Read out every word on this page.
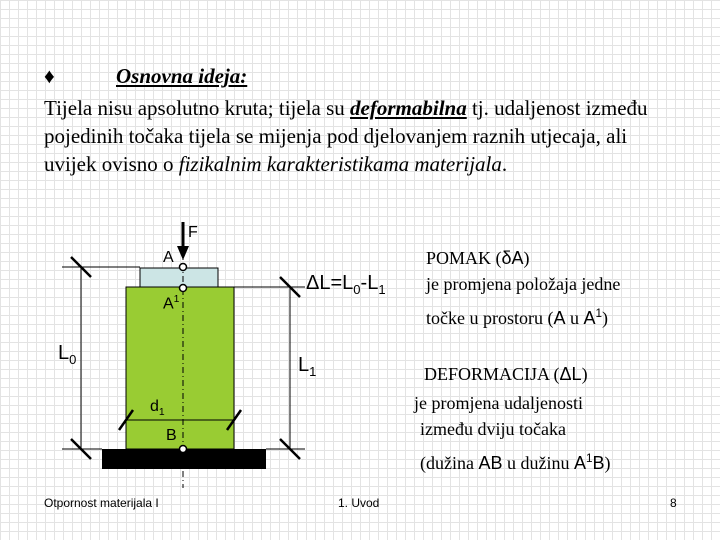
♦	Osnovna ideja:
Tijela nisu apsolutno kruta; tijela su deformabilna tj. udaljenost između pojedinih točaka tijela se mijenja pod djelovanjem raznih utjecaja, ali uvijek ovisno o fizikalnim karakteristikama materijala.
F
A
$A^1$
B
$d_1$
$L_0$	$L_1$
$\Delta L=L_0-L_1$
POMAK (δA)
je promjena položaja jedne
točke u prostoru (A u $A^1$)
DEFORMACIJA (ΔL)
je promjena udaljenosti
između dviju točaka
(dužina AB u dužinu $A^1B$)
Otpornost materijala I	1. Uvod	8
